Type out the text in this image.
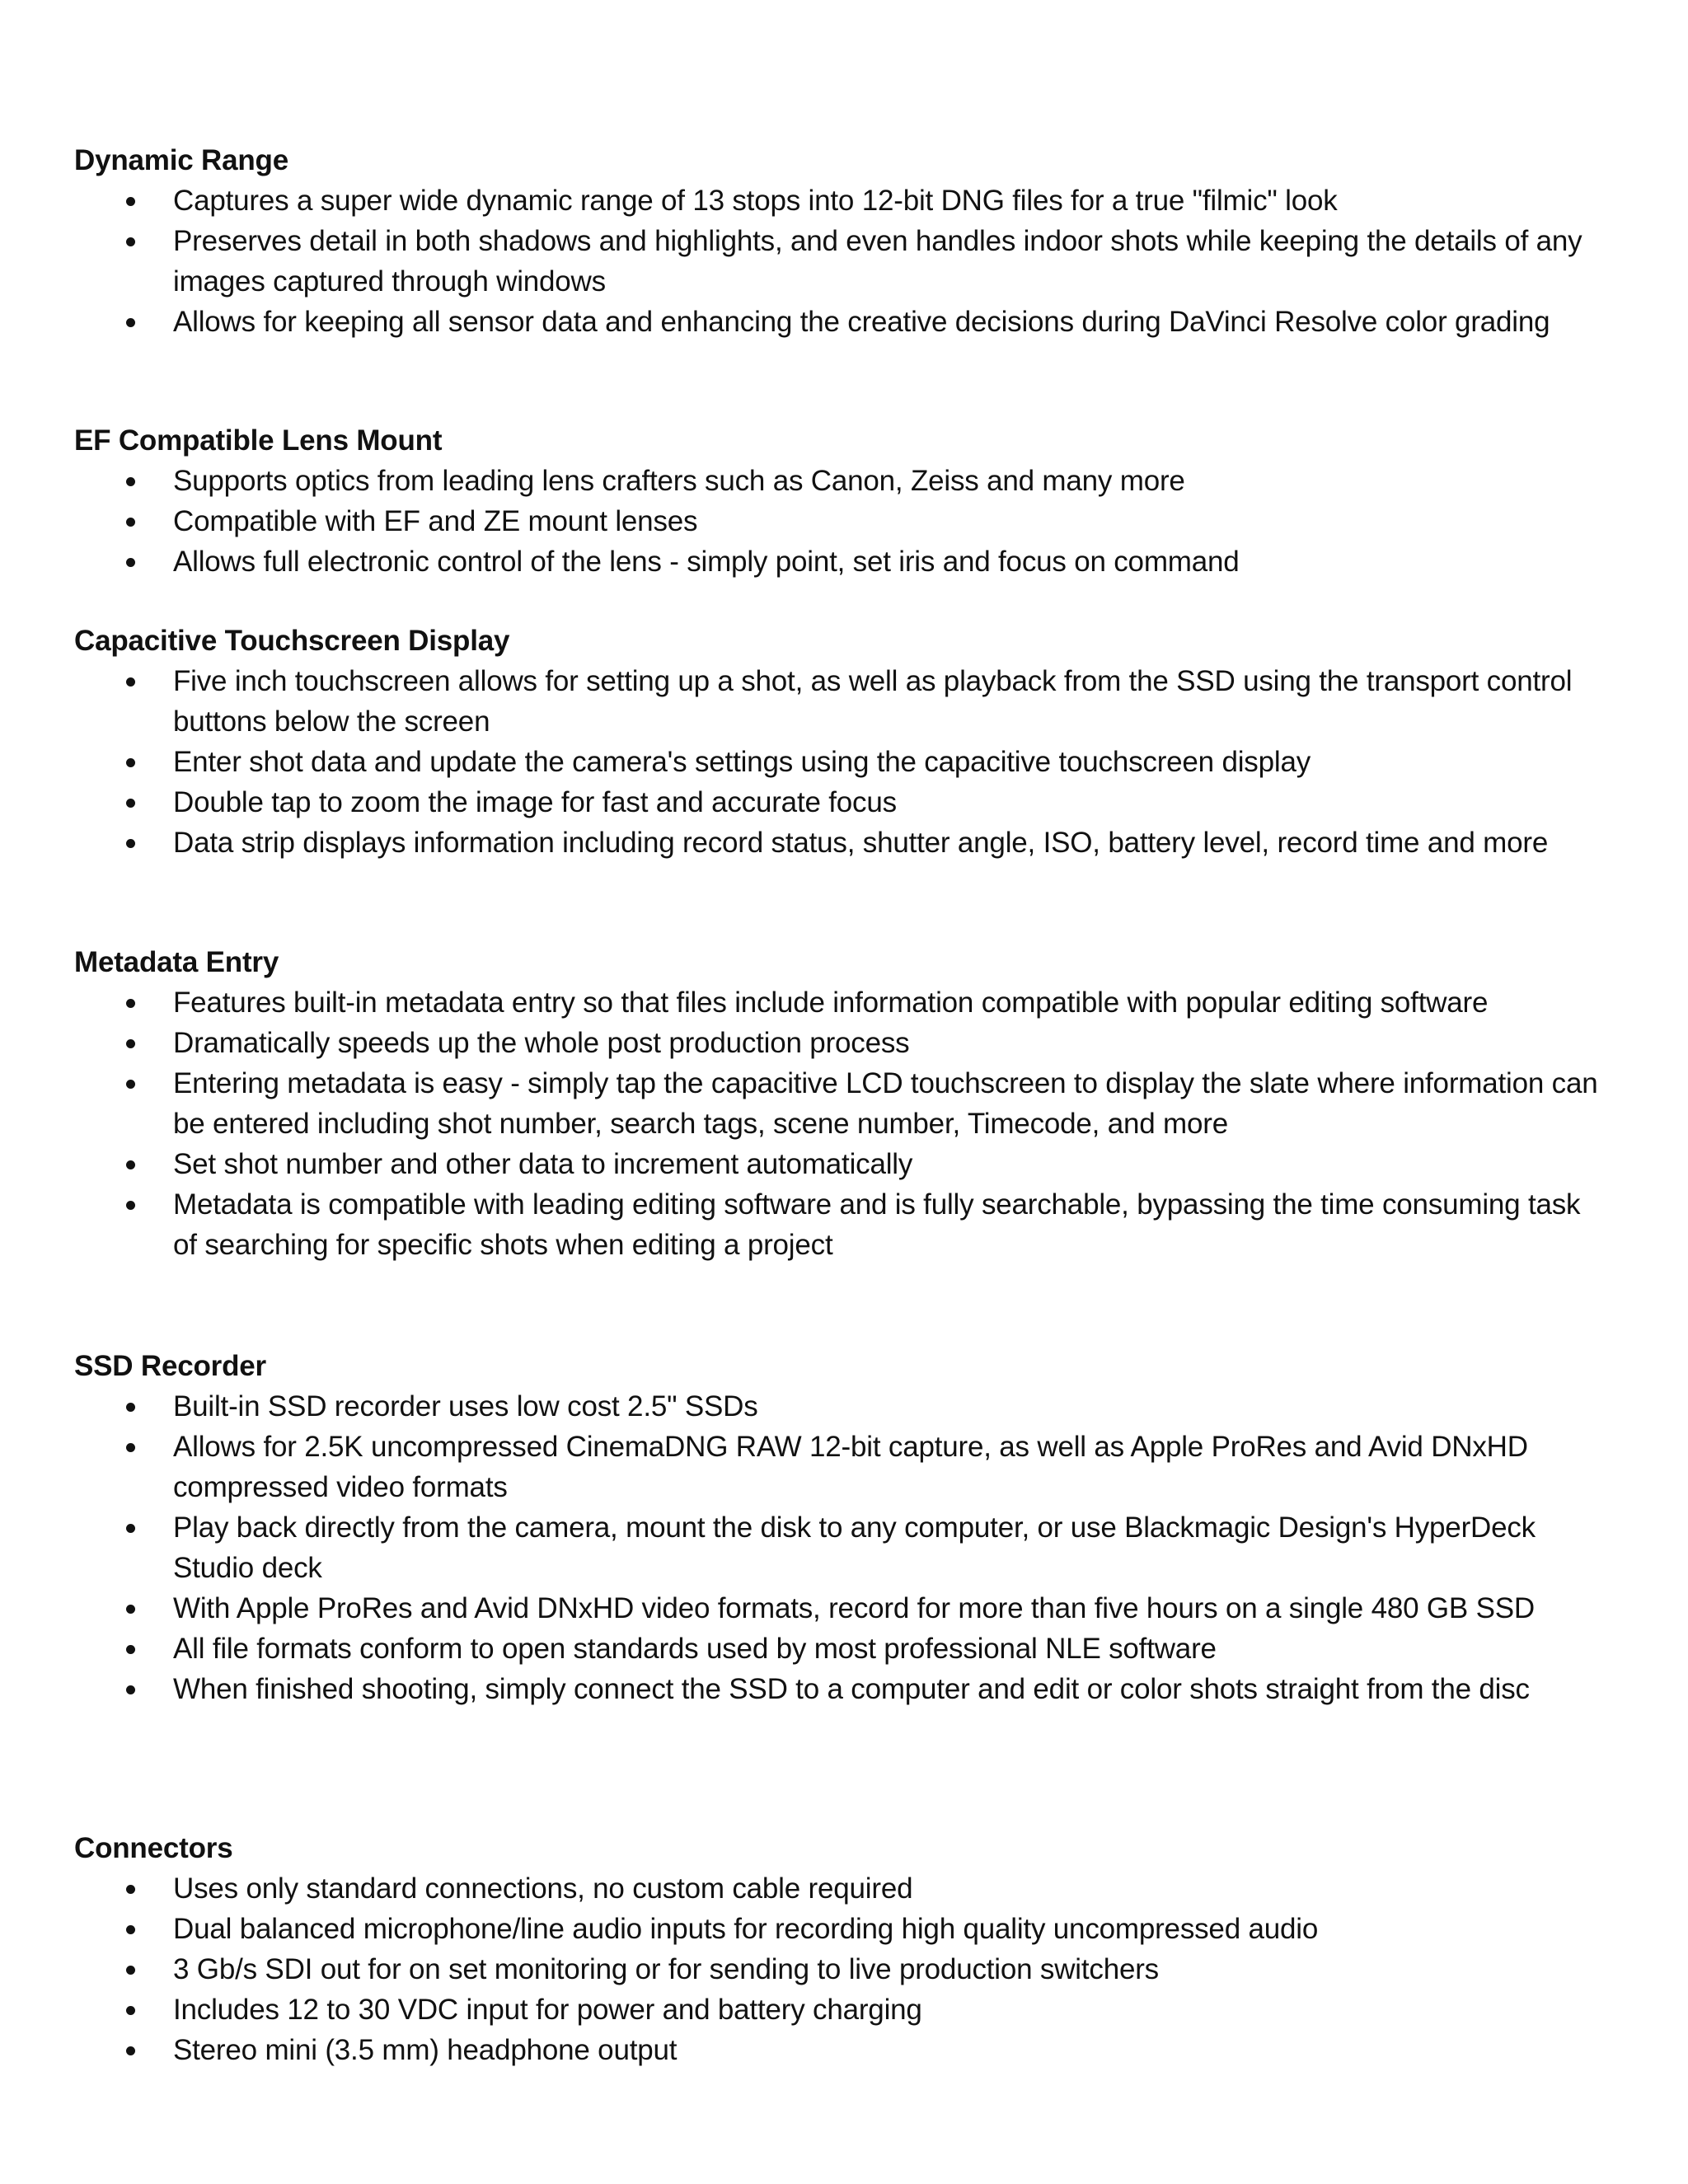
Dynamic Range
Captures a super wide dynamic range of 13 stops into 12-bit DNG files for a true "filmic" look
Preserves detail in both shadows and highlights, and even handles indoor shots while keeping the details of any images captured through windows
Allows for keeping all sensor data and enhancing the creative decisions during DaVinci Resolve color grading
EF Compatible Lens Mount
Supports optics from leading lens crafters such as Canon, Zeiss and many more
Compatible with EF and ZE mount lenses
Allows full electronic control of the lens - simply point, set iris and focus on command
Capacitive Touchscreen Display
Five inch touchscreen allows for setting up a shot, as well as playback from the SSD using the transport control buttons below the screen
Enter shot data and update the camera's settings using the capacitive touchscreen display
Double tap to zoom the image for fast and accurate focus
Data strip displays information including record status, shutter angle, ISO, battery level, record time and more
Metadata Entry
Features built-in metadata entry so that files include information compatible with popular editing software
Dramatically speeds up the whole post production process
Entering metadata is easy - simply tap the capacitive LCD touchscreen to display the slate where information can be entered including shot number, search tags, scene number, Timecode, and more
Set shot number and other data to increment automatically
Metadata is compatible with leading editing software and is fully searchable, bypassing the time consuming task of searching for specific shots when editing a project
SSD Recorder
Built-in SSD recorder uses low cost 2.5" SSDs
Allows for 2.5K uncompressed CinemaDNG RAW 12-bit capture, as well as Apple ProRes and Avid DNxHD compressed video formats
Play back directly from the camera, mount the disk to any computer, or use Blackmagic Design's HyperDeck Studio deck
With Apple ProRes and Avid DNxHD video formats, record for more than five hours on a single 480 GB SSD
All file formats conform to open standards used by most professional NLE software
When finished shooting, simply connect the SSD to a computer and edit or color shots straight from the disc
Connectors
Uses only standard connections, no custom cable required
Dual balanced microphone/line audio inputs for recording high quality uncompressed audio
3 Gb/s SDI out for on set monitoring or for sending to live production switchers
Includes 12 to 30 VDC input for power and battery charging
Stereo mini (3.5 mm) headphone output
